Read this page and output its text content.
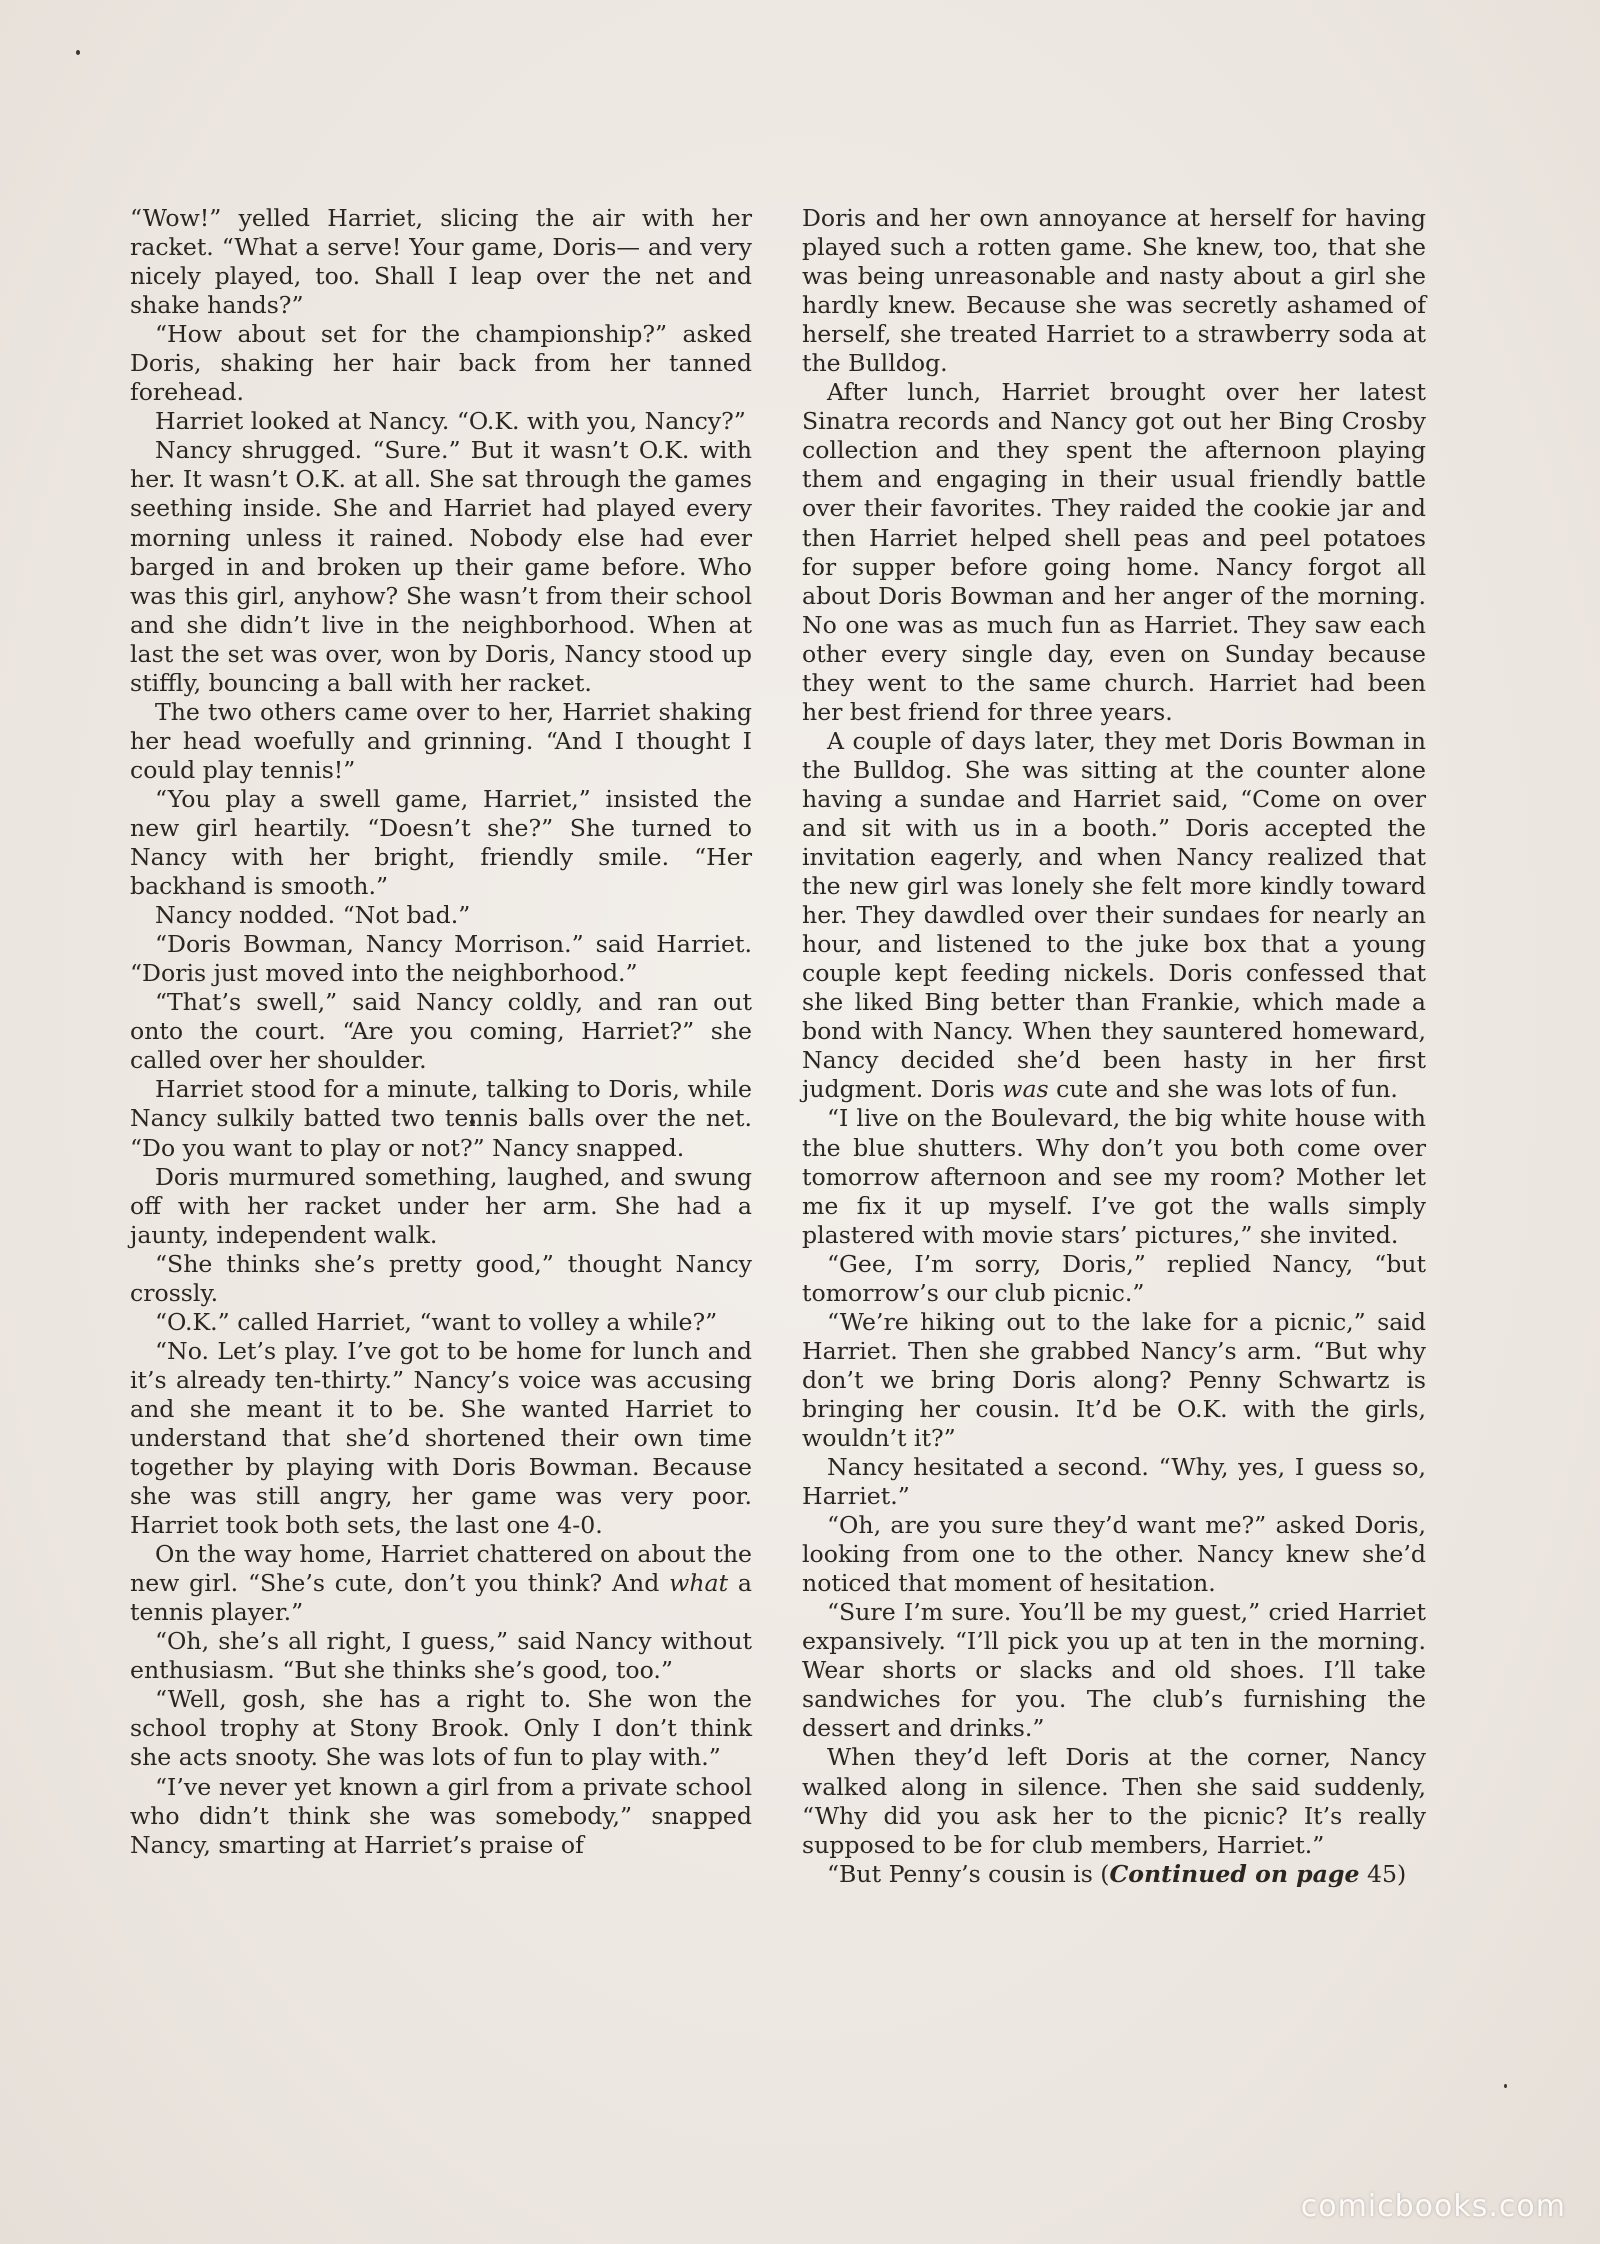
“Wow!” yelled Harriet, slicing the air with her racket. “What a serve! Your game, Doris— and very nicely played, too. Shall I leap over the net and shake hands?”

“How about set for the championship?” asked Doris, shaking her hair back from her tanned forehead.

Harriet looked at Nancy. “O.K. with you, Nancy?”

Nancy shrugged. “Sure.” But it wasn’t O.K. with her. It wasn’t O.K. at all. She sat through the games seething inside. She and Harriet had played every morning unless it rained. Nobody else had ever barged in and broken up their game before. Who was this girl, anyhow? She wasn’t from their school and she didn’t live in the neighborhood. When at last the set was over, won by Doris, Nancy stood up stiffly, bouncing a ball with her racket.

The two others came over to her, Harriet shaking her head woefully and grinning. “And I thought I could play tennis!”

“You play a swell game, Harriet,” insisted the new girl heartily. “Doesn’t she?” She turned to Nancy with her bright, friendly smile. “Her backhand is smooth.”

Nancy nodded. “Not bad.”

“Doris Bowman, Nancy Morrison.” said Harriet. “Doris just moved into the neighborhood.”

“That’s swell,” said Nancy coldly, and ran out onto the court. “Are you coming, Harriet?” she called over her shoulder.

Harriet stood for a minute, talking to Doris, while Nancy sulkily batted two tennis balls over the net. “Do you want to play or not?” Nancy snapped.

Doris murmured something, laughed, and swung off with her racket under her arm. She had a jaunty, independent walk.

“She thinks she’s pretty good,” thought Nancy crossly.

“O.K.” called Harriet, “want to volley a while?”

“No. Let’s play. I’ve got to be home for lunch and it’s already ten-thirty.” Nancy’s voice was accusing and she meant it to be. She wanted Harriet to understand that she’d shortened their own time together by playing with Doris Bowman. Because she was still angry, her game was very poor. Harriet took both sets, the last one 4-0.

On the way home, Harriet chattered on about the new girl. “She’s cute, don’t you think? And what a tennis player.”

“Oh, she’s all right, I guess,” said Nancy without enthusiasm. “But she thinks she’s good, too.”

“Well, gosh, she has a right to. She won the school trophy at Stony Brook. Only I don’t think she acts snooty. She was lots of fun to play with.”

“I’ve never yet known a girl from a private school who didn’t think she was somebody,” snapped Nancy, smarting at Harriet’s praise of

Doris and her own annoyance at herself for having played such a rotten game. She knew, too, that she was being unreasonable and nasty about a girl she hardly knew. Because she was secretly ashamed of herself, she treated Harriet to a strawberry soda at the Bulldog.

After lunch, Harriet brought over her latest Sinatra records and Nancy got out her Bing Crosby collection and they spent the afternoon playing them and engaging in their usual friendly battle over their favorites. They raided the cookie jar and then Harriet helped shell peas and peel potatoes for supper before going home. Nancy forgot all about Doris Bowman and her anger of the morning. No one was as much fun as Harriet. They saw each other every single day, even on Sunday because they went to the same church. Harriet had been her best friend for three years.

A couple of days later, they met Doris Bowman in the Bulldog. She was sitting at the counter alone having a sundae and Harriet said, “Come on over and sit with us in a booth.” Doris accepted the invitation eagerly, and when Nancy realized that the new girl was lonely she felt more kindly toward her. They dawdled over their sundaes for nearly an hour, and listened to the juke box that a young couple kept feeding nickels. Doris confessed that she liked Bing better than Frankie, which made a bond with Nancy. When they sauntered homeward, Nancy decided she’d been hasty in her first judgment. Doris was cute and she was lots of fun.

“I live on the Boulevard, the big white house with the blue shutters. Why don’t you both come over tomorrow afternoon and see my room? Mother let me fix it up myself. I’ve got the walls simply plastered with movie stars’ pictures,” she invited.

“Gee, I’m sorry, Doris,” replied Nancy, “but tomorrow’s our club picnic.”

“We’re hiking out to the lake for a picnic,” said Harriet. Then she grabbed Nancy’s arm. “But why don’t we bring Doris along? Penny Schwartz is bringing her cousin. It’d be O.K. with the girls, wouldn’t it?”

Nancy hesitated a second. “Why, yes, I guess so, Harriet.”

“Oh, are you sure they’d want me?” asked Doris, looking from one to the other. Nancy knew she’d noticed that moment of hesitation.

“Sure I’m sure. You’ll be my guest,” cried Harriet expansively. “I’ll pick you up at ten in the morning. Wear shorts or slacks and old shoes. I’ll take sandwiches for you. The club’s furnishing the dessert and drinks.”

When they’d left Doris at the corner, Nancy walked along in silence. Then she said suddenly, “Why did you ask her to the picnic? It’s really supposed to be for club members, Harriet.”

“But Penny’s cousin is (Continued on page 45)

comicbooks.com
